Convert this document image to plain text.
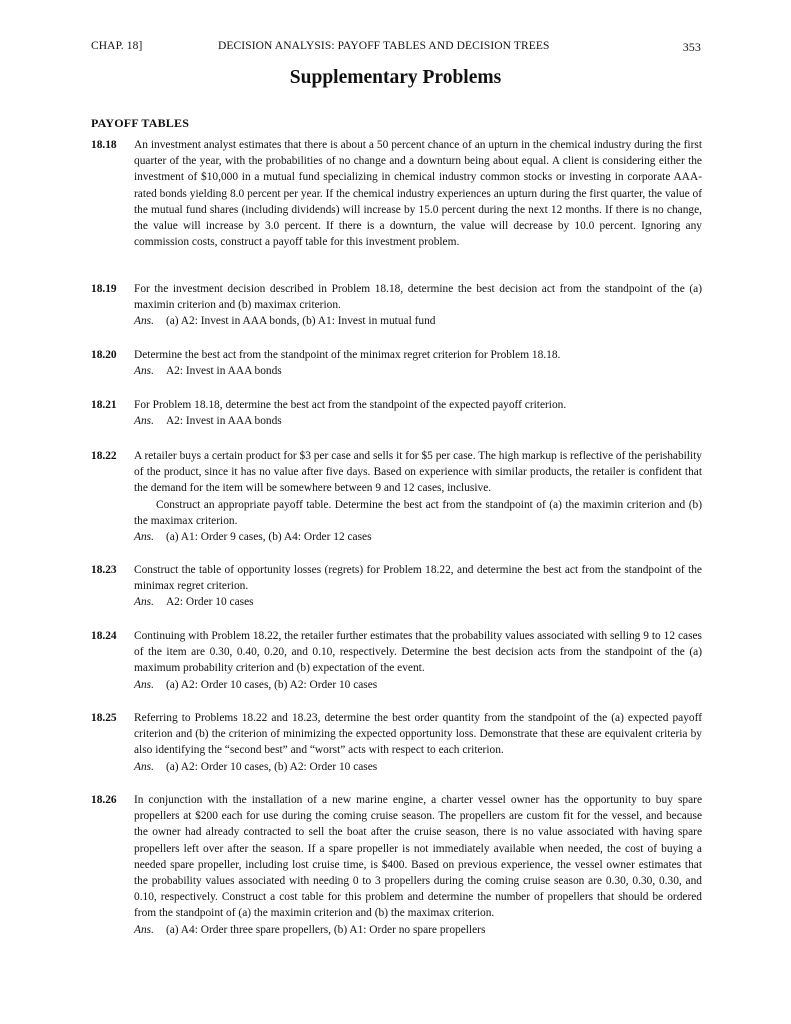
CHAP. 18]	DECISION ANALYSIS: PAYOFF TABLES AND DECISION TREES	353
Supplementary Problems
PAYOFF TABLES
18.18 An investment analyst estimates that there is about a 50 percent chance of an upturn in the chemical industry during the first quarter of the year, with the probabilities of no change and a downturn being about equal. A client is considering either the investment of $10,000 in a mutual fund specializing in chemical industry common stocks or investing in corporate AAA-rated bonds yielding 8.0 percent per year. If the chemical industry experiences an upturn during the first quarter, the value of the mutual fund shares (including dividends) will increase by 15.0 percent during the next 12 months. If there is no change, the value will increase by 3.0 percent. If there is a downturn, the value will decrease by 10.0 percent. Ignoring any commission costs, construct a payoff table for this investment problem.

18.19 For the investment decision described in Problem 18.18, determine the best decision act from the standpoint of the (a) maximin criterion and (b) maximax criterion.

Ans. (a) A2: Invest in AAA bonds, (b) A1: Invest in mutual fund

18.20 Determine the best act from the standpoint of the minimax regret criterion for Problem 18.18.

Ans. A2: Invest in AAA bonds

18.21 For Problem 18.18, determine the best act from the standpoint of the expected payoff criterion.

Ans. A2: Invest in AAA bonds

18.22 A retailer buys a certain product for $3 per case and sells it for $5 per case. The high markup is reflective of the perishability of the product, since it has no value after five days. Based on experience with similar products, the retailer is confident that the demand for the item will be somewhere between 9 and 12 cases, inclusive.

Construct an appropriate payoff table. Determine the best act from the standpoint of (a) the maximin criterion and (b) the maximax criterion.

Ans. (a) A1: Order 9 cases, (b) A4: Order 12 cases

18.23 Construct the table of opportunity losses (regrets) for Problem 18.22, and determine the best act from the standpoint of the minimax regret criterion.

Ans. A2: Order 10 cases

18.24 Continuing with Problem 18.22, the retailer further estimates that the probability values associated with selling 9 to 12 cases of the item are 0.30, 0.40, 0.20, and 0.10, respectively. Determine the best decision acts from the standpoint of the (a) maximum probability criterion and (b) expectation of the event.

Ans. (a) A2: Order 10 cases, (b) A2: Order 10 cases

18.25 Referring to Problems 18.22 and 18.23, determine the best order quantity from the standpoint of the (a) expected payoff criterion and (b) the criterion of minimizing the expected opportunity loss. Demonstrate that these are equivalent criteria by also identifying the “second best” and “worst” acts with respect to each criterion.

Ans. (a) A2: Order 10 cases, (b) A2: Order 10 cases

18.26 In conjunction with the installation of a new marine engine, a charter vessel owner has the opportunity to buy spare propellers at $200 each for use during the coming cruise season. The propellers are custom fit for the vessel, and because the owner had already contracted to sell the boat after the cruise season, there is no value associated with having spare propellers left over after the season. If a spare propeller is not immediately available when needed, the cost of buying a needed spare propeller, including lost cruise time, is $400. Based on previous experience, the vessel owner estimates that the probability values associated with needing 0 to 3 propellers during the coming cruise season are 0.30, 0.30, 0.30, and 0.10, respectively. Construct a cost table for this problem and determine the number of propellers that should be ordered from the standpoint of (a) the maximin criterion and (b) the maximax criterion.

Ans. (a) A4: Order three spare propellers, (b) A1: Order no spare propellers
